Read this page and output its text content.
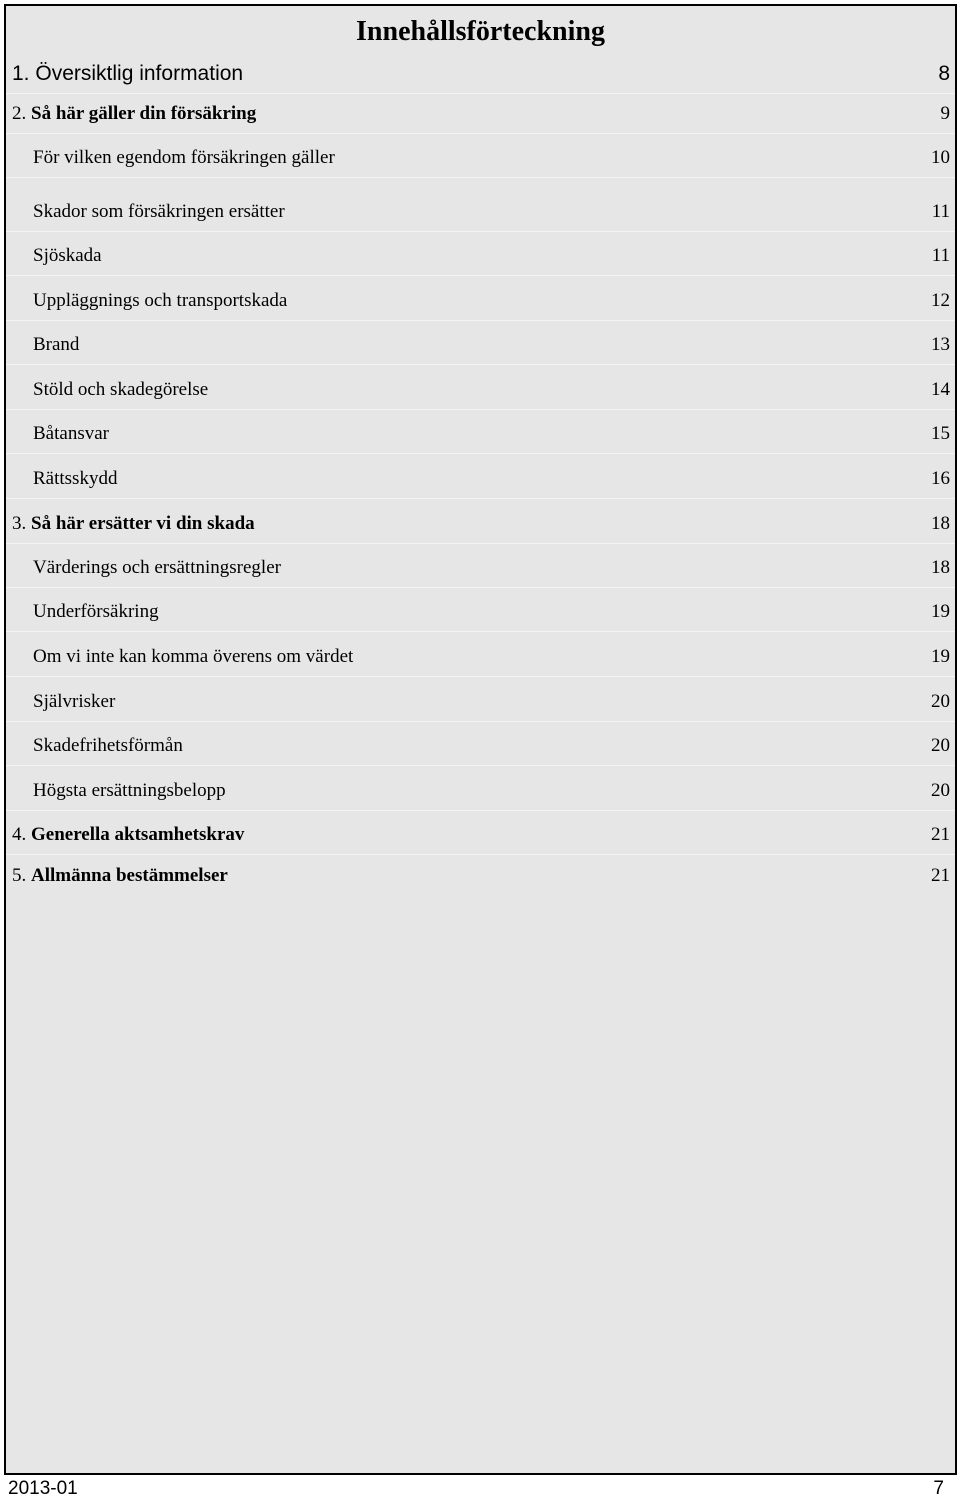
Innehållsförteckning
1. Översiktlig information	8
2. Så här gäller din försäkring	9
För vilken egendom försäkringen gäller	10
Skador som försäkringen ersätter	11
Sjöskada	11
Uppläggnings och transportskada	12
Brand	13
Stöld och skadegörelse	14
Båtansvar	15
Rättsskydd	16
3. Så här ersätter vi din skada	18
Värderings och ersättningsregler	18
Underförsäkring	19
Om vi inte kan komma överens om värdet	19
Självrisker	20
Skadefrihetsförmån	20
Högsta ersättningsbelopp	20
4. Generella aktsamhetskrav	21
5. Allmänna bestämmelser	21
2013-01	7
